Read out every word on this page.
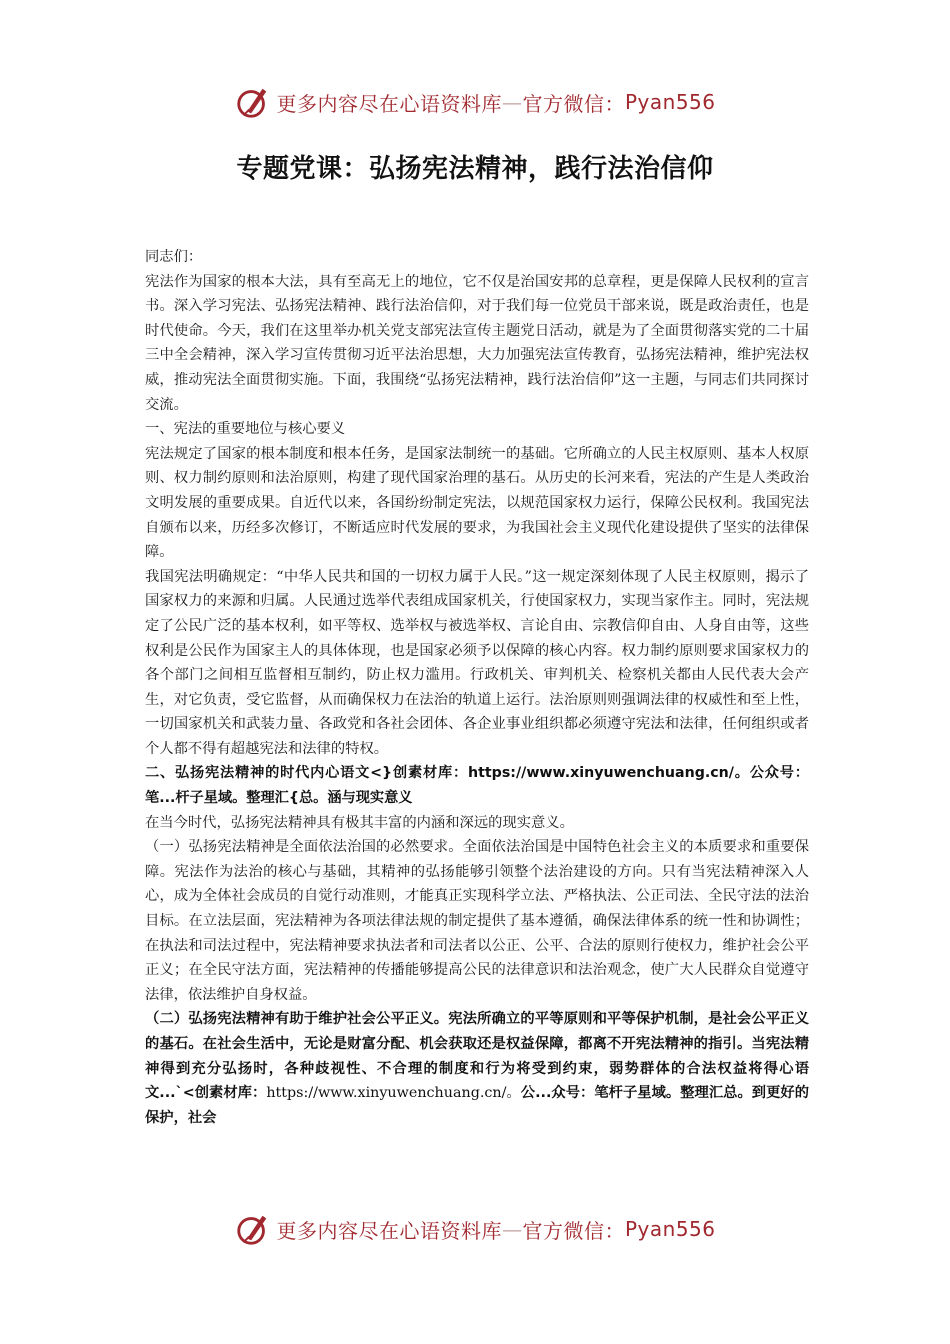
更多内容尽在心语资料库 — 官方微信： Pyan556
专题党课：弘扬宪法精神，践行法治信仰

同志们：

宪法作为国家的根本大法，具有至高无上的地位，它不仅是治国安邦的总章程，更是保障人民权利的宣言书。深入学习宪法、弘扬宪法精神、践行法治信仰，对于我们每一位党员干部来说，既是政治责任，也是时代使命。今天，我们在这里举办机关党支部宪法宣传主题党日活动，就是为了全面贯彻落实党的二十届三中全会精神，深入学习宣传贯彻习近平法治思想，大力加强宪法宣传教育，弘扬宪法精神，维护宪法权威，推动宪法全面贯彻实施。下面，我围绕“弘扬宪法精神，践行法治信仰”这一主题，与同志们共同探讨交流。

一、宪法的重要地位与核心要义

宪法规定了国家的根本制度和根本任务，是国家法制统一的基础。它所确立的人民主权原则、基本人权原则、权力制约原则和法治原则，构建了现代国家治理的基石。从历史的长河来看，宪法的产生是人类政治文明发展的重要成果。自近代以来，各国纷纷制定宪法，以规范国家权力运行，保障公民权利。我国宪法自颁布以来，历经多次修订，不断适应时代发展的要求，为我国社会主义现代化建设提供了坚实的法律保障。

我国宪法明确规定：“中华人民共和国的一切权力属于人民。”这一规定深刻体现了人民主权原则，揭示了国家权力的来源和归属。人民通过选举代表组成国家机关，行使国家权力，实现当家作主。同时，宪法规定了公民广泛的基本权利，如平等权、选举权与被选举权、言论自由、宗教信仰自由、人身自由等，这些权利是公民作为国家主人的具体体现，也是国家必须予以保障的核心内容。权力制约原则要求国家权力的各个部门之间相互监督相互制约，防止权力滥用。行政机关、审判机关、检察机关都由人民代表大会产生，对它负责，受它监督，从而确保权力在法治的轨道上运行。法治原则则强调法律的权威性和至上性，一切国家机关和武装力量、各政党和各社会团体、各企业事业组织都必须遵守宪法和法律，任何组织或者个人都不得有超越宪法和法律的特权。

二、弘扬宪法精神的时代内心语文<}创素材库：https://www.xinyuwenchuang.cn/。公众号：笔...杆子星域。整理汇{总。涵与现实意义

在当今时代，弘扬宪法精神具有极其丰富的内涵和深远的现实意义。

（一）弘扬宪法精神是全面依法治国的必然要求。全面依法治国是中国特色社会主义的本质要求和重要保障。宪法作为法治的核心与基础，其精神的弘扬能够引领整个法治建设的方向。只有当宪法精神深入人心，成为全体社会成员的自觉行动准则，才能真正实现科学立法、严格执法、公正司法、全民守法的法治目标。在立法层面，宪法精神为各项法律法规的制定提供了基本遵循，确保法律体系的统一性和协调性；在执法和司法过程中，宪法精神要求执法者和司法者以公正、公平、合法的原则行使权力，维护社会公平正义；在全民守法方面，宪法精神的传播能够提高公民的法律意识和法治观念，使广大人民群众自觉遵守法律，依法维护自身权益。

（二）弘扬宪法精神有助于维护社会公平正义。宪法所确立的平等原则和平等保护机制，是社会公平正义的基石。在社会生活中，无论是财富分配、机会获取还是权益保障，都离不开宪法精神的指引。当宪法精神得到充分弘扬时，各种歧视性、不合理的制度和行为将受到约束，弱势群体的合法权益将得心语文...`<创素材库：https://www.xinyuwenchuang.cn/。公...众号：笔杆子星域。整理汇总。到更好的保护，社会

更多内容尽在心语资料库 — 官方微信： Pyan556
